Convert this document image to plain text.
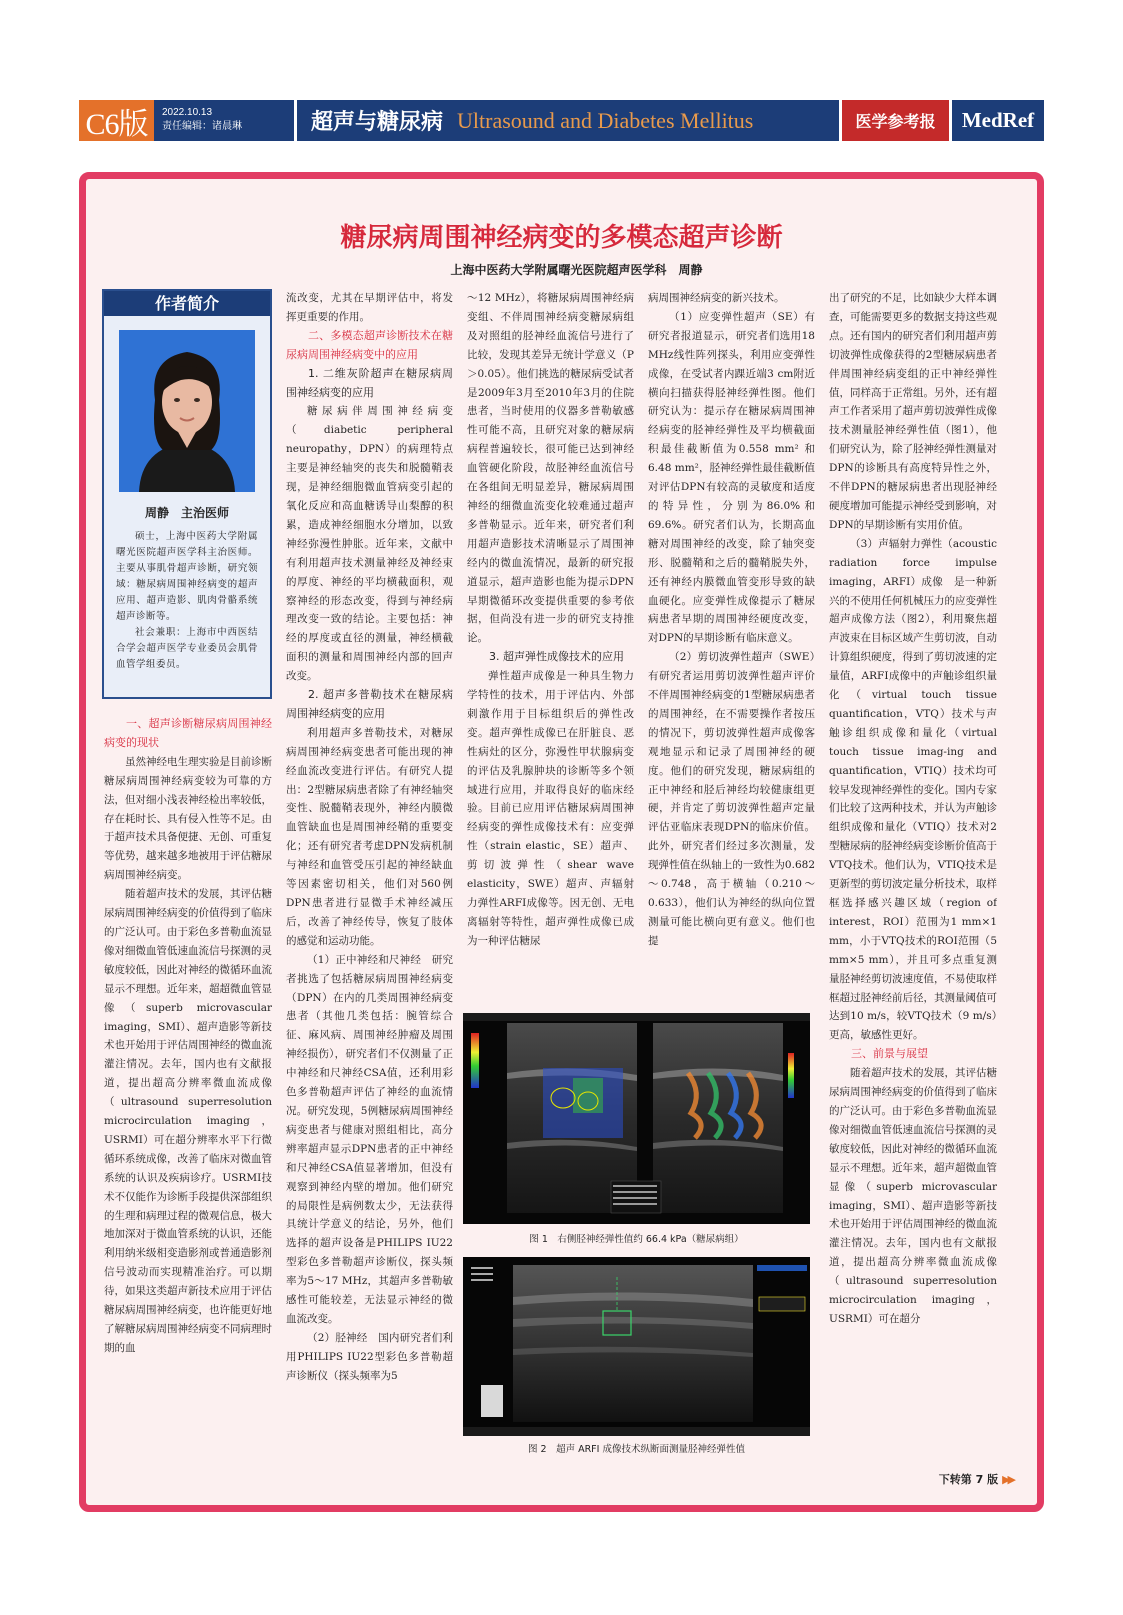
C6版	2022.10.13
责任编辑：诸晨琳	超声与糖尿病 Ultrasound and Diabetes Mellitus	医学参考报	MedRef
糖尿病周围神经病变的多模态超声诊断
上海中医药大学附属曙光医院超声医学科　周静
作者简介
周静　主治医师

硕士，上海中医药大学附属曙光医院超声医学科主治医师。主要从事肌骨超声诊断，研究领域：糖尿病周围神经病变的超声应用、超声造影、肌肉骨骼系统超声诊断等。

社会兼职：上海市中西医结合学会超声医学专业委员会肌骨血管学组委员。

一、超声诊断糖尿病周围神经病变的现状

虽然神经电生理实验是目前诊断糖尿病周围神经病变较为可靠的方法，但对细小浅表神经检出率较低，存在耗时长、具有侵入性等不足。由于超声技术具备便捷、无创、可重复等优势，越来越多地被用于评估糖尿病周围神经病变。

随着超声技术的发展，其评估糖尿病周围神经病变的价值得到了临床的广泛认可。由于彩色多普勒血流显像对细微血管低速血流信号探测的灵敏度较低，因此对神经的微循环血流显示不理想。近年来，超超微血管显像（superb microvascular imaging，SMI）、超声造影等新技术也开始用于评估周围神经的微血流灌注情况。去年，国内也有文献报道，提出超高分辨率微血流成像（ultrasound superresolution microcirculation imaging，USRMI）可在超分辨率水平下行微循环系统成像，改善了临床对微血管系统的认识及疾病诊疗。USRMI技术不仅能作为诊断手段提供深部组织的生理和病理过程的微观信息，极大地加深对于微血管系统的认识，还能利用纳米级相变造影剂或普通造影剂信号波动而实现精准治疗。可以期待，如果这类超声新技术应用于评估糖尿病周围神经病变，也许能更好地了解糖尿病周围神经病变不同病理时期的血

流改变，尤其在早期评估中，将发挥更重要的作用。

二、多模态超声诊断技术在糖尿病周围神经病变中的应用

1. 二维灰阶超声在糖尿病周围神经病变的应用

糖尿病伴周围神经病变（diabetic peripheral neuropathy，DPN）的病理特点主要是神经轴突的丧失和脱髓鞘表现，是神经细胞微血管病变引起的氧化反应和高血糖诱导山梨醇的积累，造成神经细胞水分增加，以致神经弥漫性肿胀。近年来，文献中有利用超声技术测量神经及神经束的厚度、神经的平均横截面积，观察神经的形态改变，得到与神经病理改变一致的结论。主要包括：神经的厚度或直径的测量，神经横截面积的测量和周围神经内部的回声改变。

2. 超声多普勒技术在糖尿病周围神经病变的应用

利用超声多普勒技术，对糖尿病周围神经病变患者可能出现的神经血流改变进行评估。有研究人提出：2型糖尿病患者除了有神经轴突变性、脱髓鞘表现外，神经内膜微血管缺血也是周围神经鞘的重要变化；还有研究者考虑DPN发病机制与神经和血管受压引起的神经缺血等因素密切相关，他们对560例DPN患者进行显微手术神经减压后，改善了神经传导，恢复了肢体的感觉和运动功能。

（1）正中神经和尺神经　研究者挑选了包括糖尿病周围神经病变（DPN）在内的几类周围神经病变患者（其他几类包括：腕管综合征、麻风病、周围神经肿瘤及周围神经损伤），研究者们不仅测量了正中神经和尺神经CSA值，还利用彩色多普勒超声评估了神经的血流情况。研究发现，5例糖尿病周围神经病变患者与健康对照组相比，高分辨率超声显示DPN患者的正中神经和尺神经CSA值显著增加，但没有观察到神经内壁的增加。他们研究的局限性是病例数太少，无法获得具统计学意义的结论，另外，他们选择的超声设备是PHILIPS IU22型彩色多普勒超声诊断仪，探头频率为5～17 MHz，其超声多普勒敏感性可能较差，无法显示神经的微血流改变。

（2）胫神经　国内研究者们利用PHILIPS IU22型彩色多普勒超声诊断仪（探头频率为5

～12 MHz），将糖尿病周围神经病变组、不伴周围神经病变糖尿病组及对照组的胫神经血流信号进行了比较，发现其差异无统计学意义（P＞0.05）。他们挑选的糖尿病受试者是2009年3月至2010年3月的住院患者，当时使用的仪器多普勒敏感性可能不高，且研究对象的糖尿病病程普遍较长，很可能已达到神经血管硬化阶段，故胫神经血流信号在各组间无明显差异，糖尿病周围神经的细微血流变化较难通过超声多普勒显示。近年来，研究者们利用超声造影技术清晰显示了周围神经内的微血流情况，最新的研究报道显示，超声造影也能为提示DPN早期微循环改变提供重要的参考依据，但尚没有进一步的研究支持推论。

3. 超声弹性成像技术的应用

弹性超声成像是一种具生物力学特性的技术，用于评估内、外部刺激作用于目标组织后的弹性改变。超声弹性成像已在肝脏良、恶性病灶的区分，弥漫性甲状腺病变的评估及乳腺肿块的诊断等多个领域进行应用，并取得良好的临床经验。目前已应用评估糖尿病周围神经病变的弹性成像技术有：应变弹性（strain elastic，SE）超声、剪切波弹性（shear wave elasticity，SWE）超声、声辐射力弹性ARFI成像等。因无创、无电离辐射等特性，超声弹性成像已成为一种评估糖尿

病周围神经病变的新兴技术。

（1）应变弹性超声（SE）有研究者报道显示，研究者们选用18 MHz线性阵列探头，利用应变弹性成像，在受试者内踝近端3 cm附近横向扫描获得胫神经弹性图。他们研究认为：提示存在糖尿病周围神经病变的胫神经弹性及平均横截面积最佳截断值为0.558 mm² 和6.48 mm²，胫神经弹性最佳截断值对评估DPN有较高的灵敏度和适度的特异性，分别为86.0%和69.6%。研究者们认为，长期高血糖对周围神经的改变，除了轴突变形、脱髓鞘和之后的髓鞘脱失外，还有神经内膜微血管变形导致的缺血硬化。应变弹性成像提示了糖尿病患者早期的周围神经硬度改变，对DPN的早期诊断有临床意义。

（2）剪切波弹性超声（SWE）有研究者运用剪切波弹性超声评价不伴周围神经病变的1型糖尿病患者的周围神经，在不需要操作者按压的情况下，剪切波弹性超声成像客观地显示和记录了周围神经的硬度。他们的研究发现，糖尿病组的正中神经和胫后神经均较健康组更硬，并肯定了剪切波弹性超声定量评估亚临床表现DPN的临床价值。此外，研究者们经过多次测量，发现弹性值在纵轴上的一致性为0.682～0.748，高于横轴（0.210～0.633），他们认为神经的纵向位置测量可能比横向更有意义。他们也提

出了研究的不足，比如缺少大样本调查，可能需要更多的数据支持这些观点。还有国内的研究者们利用超声剪切波弹性成像获得的2型糖尿病患者伴周围神经病变组的正中神经弹性值，同样高于正常组。另外，还有超声工作者采用了超声剪切波弹性成像技术测量胫神经弹性值（图1），他们研究认为，除了胫神经弹性测量对DPN的诊断具有高度特异性之外，不伴DPN的糖尿病患者出现胫神经硬度增加可能提示神经受到影响，对DPN的早期诊断有实用价值。

（3）声辐射力弹性（acoustic radiation force impulse imaging，ARFI）成像　是一种新兴的不使用任何机械压力的应变弹性超声成像方法（图2），利用聚焦超声波束在目标区域产生剪切波，自动计算组织硬度，得到了剪切波速的定量值，ARFI成像中的声触诊组织量化（virtual touch tissue quantification，VTQ）技术与声触诊组织成像和量化（virtual touch tissue imag-ing and quantification，VTIQ）技术均可较早发现神经弹性的变化。国内专家们比较了这两种技术，并认为声触诊组织成像和量化（VTIQ）技术对2型糖尿病的胫神经病变诊断价值高于VTQ技术。他们认为，VTIQ技术是更新型的剪切波定量分析技术，取样框选择感兴趣区域（region of interest，ROI）范围为1 mm×1 mm，小于VTQ技术的ROI范围（5 mm×5 mm），并且可多点重复测量胫神经剪切波速度值，不易使取样框超过胫神经前后径，其测量阈值可达到10 m/s，较VTQ技术（9 m/s）更高，敏感性更好。

三、前景与展望

随着超声技术的发展，其评估糖尿病周围神经病变的价值得到了临床的广泛认可。由于彩色多普勒血流显像对细微血管低速血流信号探测的灵敏度较低，因此对神经的微循环血流显示不理想。近年来，超声超微血管显像（superb microvascular imaging，SMI）、超声造影等新技术也开始用于评估周围神经的微血流灌注情况。去年，国内也有文献报道，提出超高分辨率微血流成像（ultrasound superresolution microcirculation imaging，USRMI）可在超分

图 1　右侧胫神经弹性值约 66.4 kPa（糖尿病组）
图 2　超声 ARFI 成像技术纵断面测量胫神经弹性值
下转第 7 版 ▶▶
